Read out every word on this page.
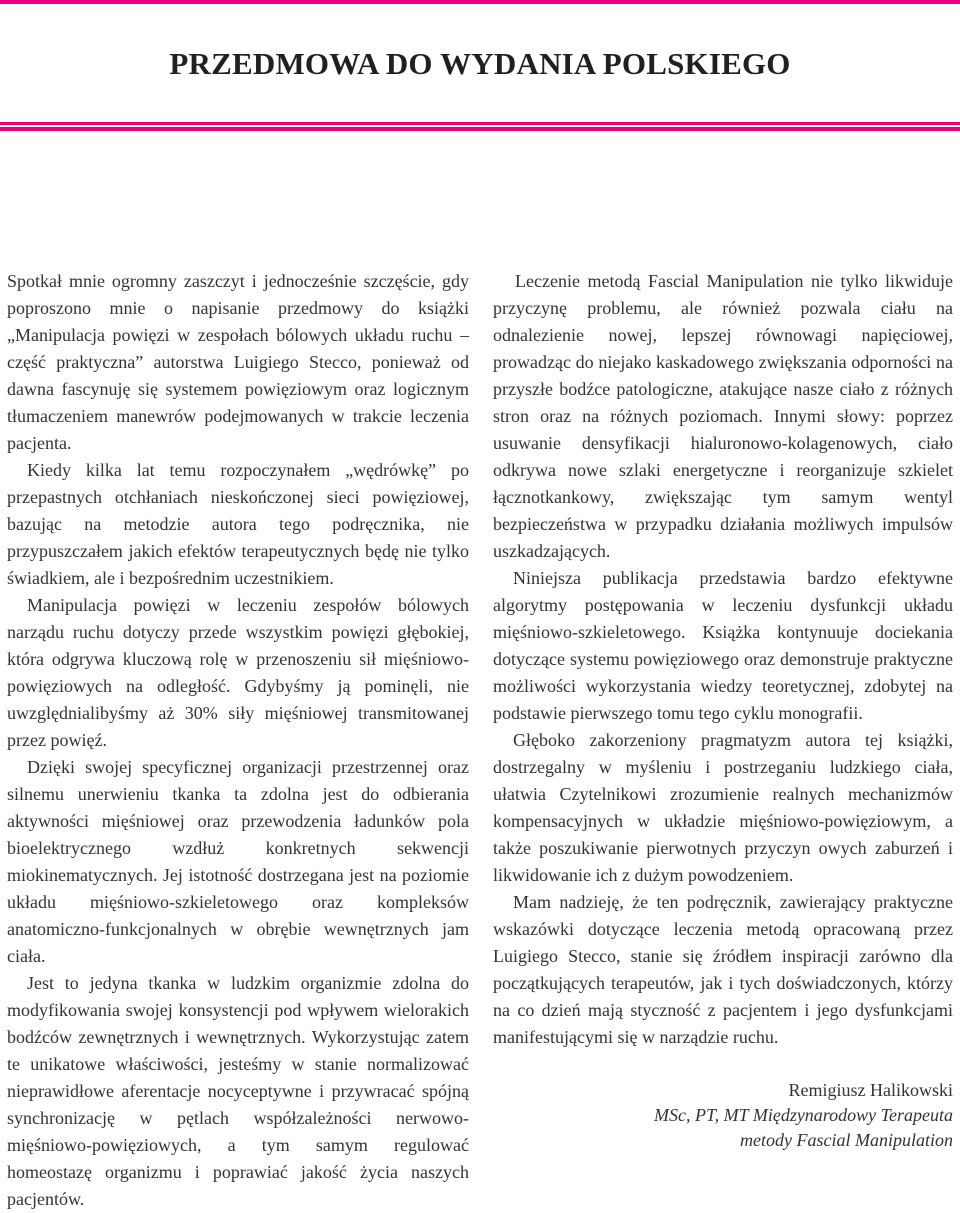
PRZEDMOWA DO WYDANIA POLSKIEGO

Spotkał mnie ogromny zaszczyt i jednocześnie szczęście, gdy poproszono mnie o napisanie przedmowy do książki „Manipulacja powięzi w zespołach bólowych układu ruchu – część praktyczna” autorstwa Luigiego Stecco, ponieważ od dawna fascynuję się systemem powięziowym oraz logicznym tłumaczeniem manewrów podejmowanych w trakcie leczenia pacjenta.

Kiedy kilka lat temu rozpoczynałem „wędrówkę” po przepastnych otchłaniach nieskończonej sieci powięziowej, bazując na metodzie autora tego podręcznika, nie przypuszczałem jakich efektów terapeutycznych będę nie tylko świadkiem, ale i bezpośrednim uczestnikiem.

Manipulacja powięzi w leczeniu zespołów bólowych narządu ruchu dotyczy przede wszystkim powięzi głębokiej, która odgrywa kluczową rolę w przenoszeniu sił mięśniowo-powięziowych na odległość. Gdybyśmy ją pominęli, nie uwzględnialibyśmy aż 30% siły mięśniowej transmitowanej przez powięź.

Dzięki swojej specyficznej organizacji przestrzennej oraz silnemu unerwieniu tkanka ta zdolna jest do odbierania aktywności mięśniowej oraz przewodzenia ładunków pola bioelektrycznego wzdłuż konkretnych sekwencji miokinematycznych. Jej istotność dostrzegana jest na poziomie układu mięśniowo-szkieletowego oraz kompleksów anatomiczno-funkcjonalnych w obrębie wewnętrznych jam ciała.

Jest to jedyna tkanka w ludzkim organizmie zdolna do modyfikowania swojej konsystencji pod wpływem wielorakich bodźców zewnętrznych i wewnętrznych. Wykorzystując zatem te unikatowe właściwości, jesteśmy w stanie normalizować nieprawidłowe aferentacje nocyceptywne i przywracać spójną synchronizację w pętlach współzależności nerwowo-mięśniowo-powięziowych, a tym samym regulować homeostazę organizmu i poprawiać jakość życia naszych pacjentów.

Leczenie metodą Fascial Manipulation nie tylko likwiduje przyczynę problemu, ale również pozwala ciału na odnalezienie nowej, lepszej równowagi napięciowej, prowadząc do niejako kaskadowego zwiększania odporności na przyszłe bodźce patologiczne, atakujące nasze ciało z różnych stron oraz na różnych poziomach. Innymi słowy: poprzez usuwanie densyfikacji hialuronowo-kolagenowych, ciało odkrywa nowe szlaki energetyczne i reorganizuje szkielet łącznotkankowy, zwiększając tym samym wentyl bezpieczeństwa w przypadku działania możliwych impulsów uszkadzających.

Niniejsza publikacja przedstawia bardzo efektywne algorytmy postępowania w leczeniu dysfunkcji układu mięśniowo-szkieletowego. Książka kontynuuje dociekania dotyczące systemu powięziowego oraz demonstruje praktyczne możliwości wykorzystania wiedzy teoretycznej, zdobytej na podstawie pierwszego tomu tego cyklu monografii.

Głęboko zakorzeniony pragmatyzm autora tej książki, dostrzegalny w myśleniu i postrzeganiu ludzkiego ciała, ułatwia Czytelnikowi zrozumienie realnych mechanizmów kompensacyjnych w układzie mięśniowo-powięziowym, a także poszukiwanie pierwotnych przyczyn owych zaburzeń i likwidowanie ich z dużym powodzeniem.

Mam nadzieję, że ten podręcznik, zawierający praktyczne wskazówki dotyczące leczenia metodą opracowaną przez Luigiego Stecco, stanie się źródłem inspiracji zarówno dla początkujących terapeutów, jak i tych doświadczonych, którzy na co dzień mają styczność z pacjentem i jego dysfunkcjami manifestującymi się w narządzie ruchu.

Remigiusz Halikowski
MSc, PT, MT Międzynarodowy Terapeuta
metody Fascial Manipulation
